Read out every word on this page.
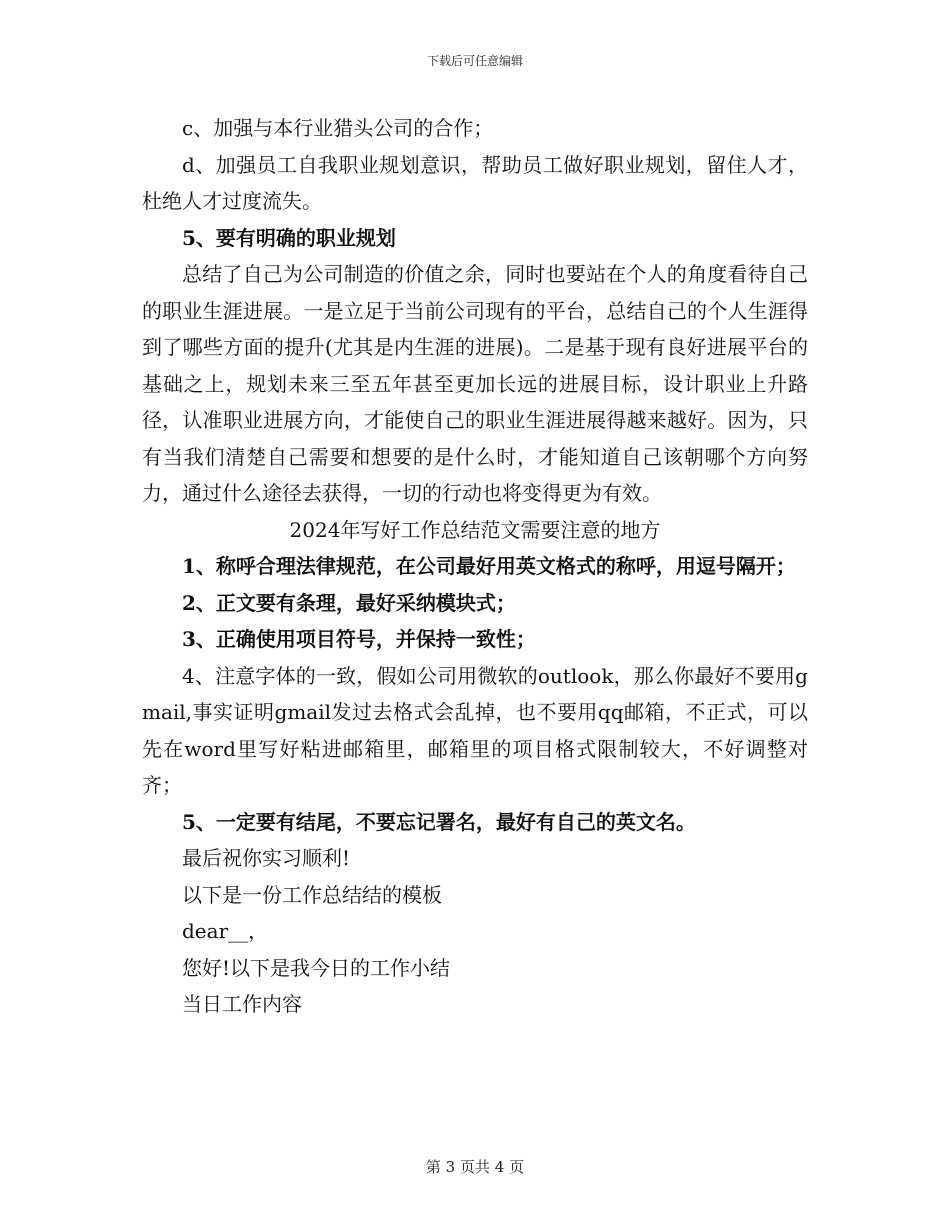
下载后可任意编辑

c、加强与本行业猎头公司的合作；

d、加强员工自我职业规划意识，帮助员工做好职业规划，留住人才，杜绝人才过度流失。

5、要有明确的职业规划

总结了自己为公司制造的价值之余，同时也要站在个人的角度看待自己的职业生涯进展。一是立足于当前公司现有的平台，总结自己的个人生涯得到了哪些方面的提升(尤其是内生涯的进展)。二是基于现有良好进展平台的基础之上，规划未来三至五年甚至更加长远的进展目标，设计职业上升路径，认准职业进展方向，才能使自己的职业生涯进展得越来越好。因为，只有当我们清楚自己需要和想要的是什么时，才能知道自己该朝哪个方向努力，通过什么途径去获得，一切的行动也将变得更为有效。

2024年写好工作总结范文需要注意的地方

1、称呼合理法律规范，在公司最好用英文格式的称呼，用逗号隔开；

2、正文要有条理，最好采纳模块式；

3、正确使用项目符号，并保持一致性；

4、注意字体的一致，假如公司用微软的outlook，那么你最好不要用gmail,事实证明gmail发过去格式会乱掉，也不要用qq邮箱，不正式，可以先在word里写好粘进邮箱里，邮箱里的项目格式限制较大，不好调整对齐；

5、一定要有结尾，不要忘记署名，最好有自己的英文名。

最后祝你实习顺利!

以下是一份工作总结结的模板

dear__，

您好!以下是我今日的工作小结

当日工作内容

第 3 页共 4 页
